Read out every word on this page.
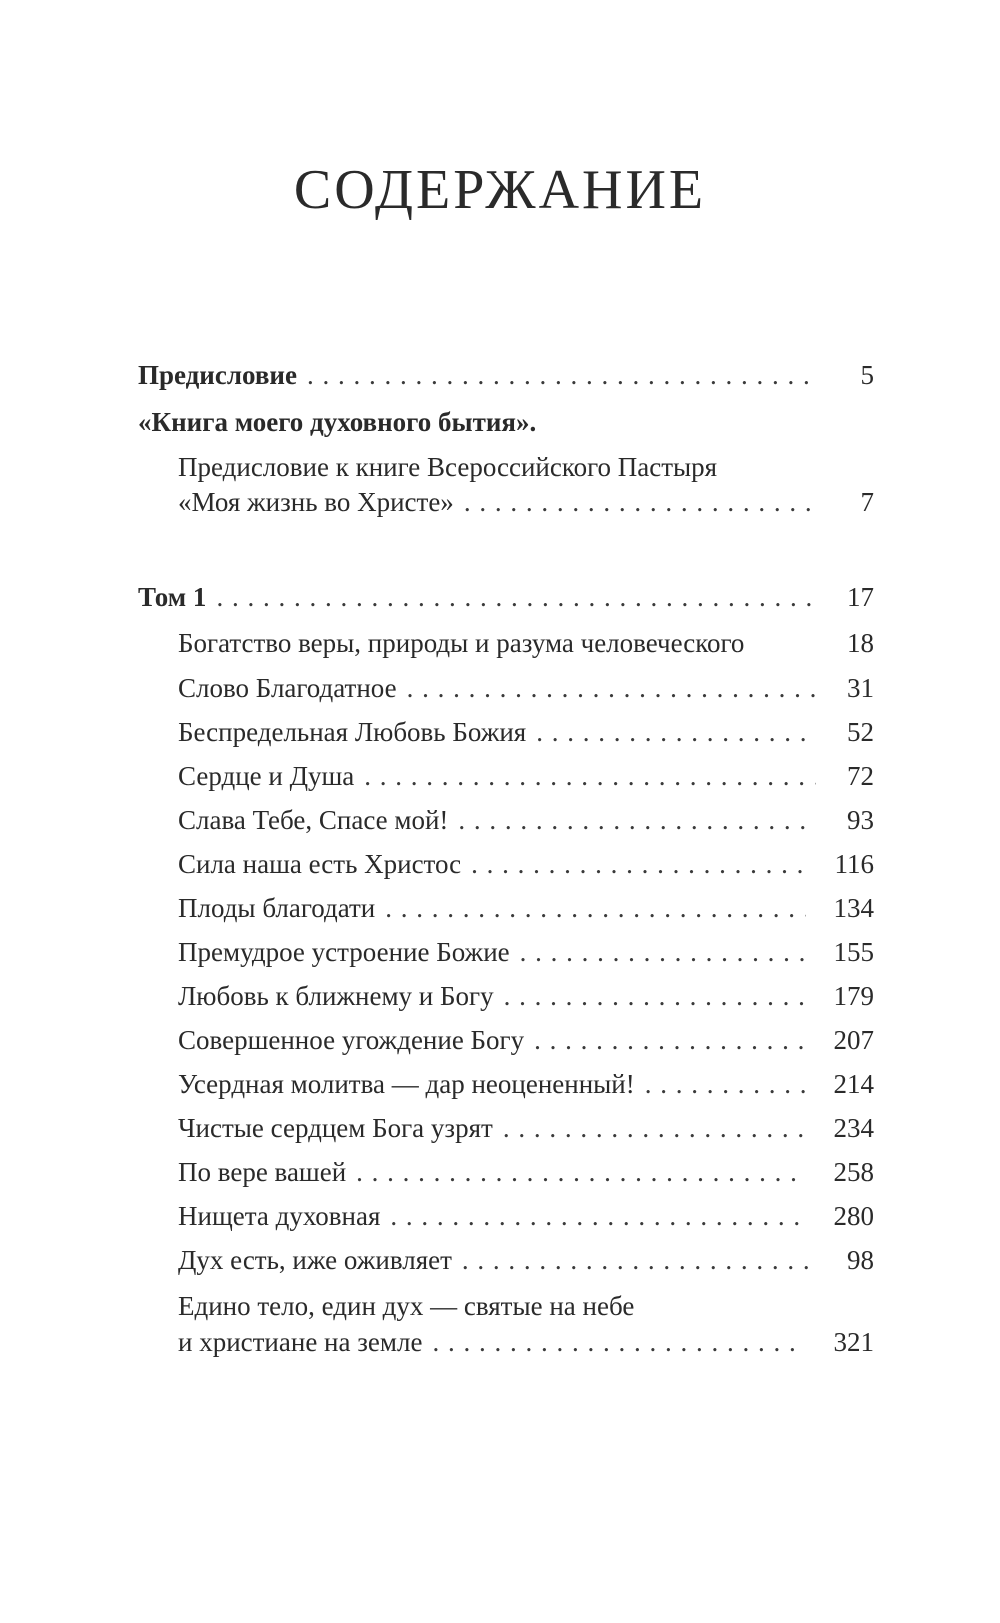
СОДЕРЖАНИЕ
Предисловие . . .	5
«Книга моего духовного бытия».
Предисловие к книге Всероссийского Пастыря
«Моя жизнь во Христе» . . .	7
Том 1 . . .	17
Богатство веры, природы и разума человеческого	18
Слово Благодатное . . .	31
Беспредельная Любовь Божия . . .	52
Сердце и Душа . . .	72
Слава Тебе, Спасе мой! . . .	93
Сила наша есть Христос . . .	116
Плоды благодати . . .	134
Премудрое устроение Божие . . .	155
Любовь к ближнему и Богу . . .	179
Совершенное угождение Богу . . .	207
Усердная молитва — дар неоцененный! . . .	214
Чистые сердцем Бога узрят . . .	234
По вере вашей . . .	258
Нищета духовная . . .	280
Дух есть, иже оживляет . . .	98
Едино тело, един дух — святые на небе
и христиане на земле . . .	321
